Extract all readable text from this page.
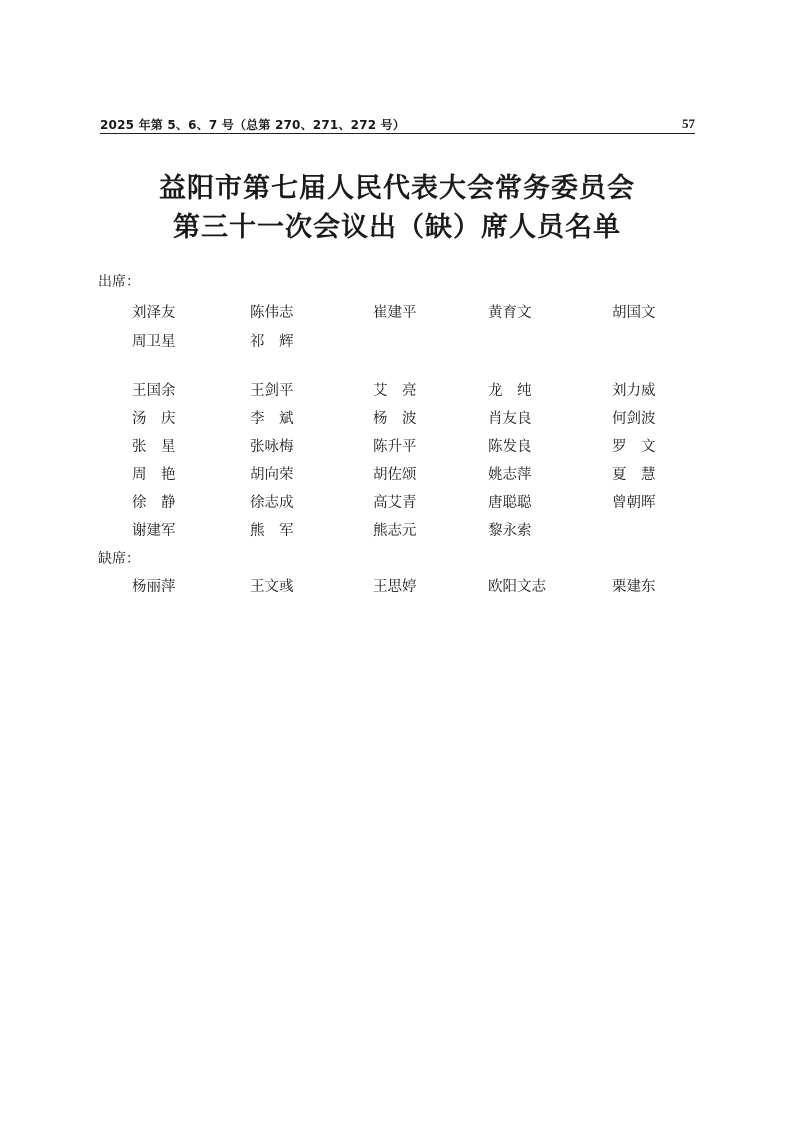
2025 年第 5、6、7 号（总第 270、271、272 号）	57
益阳市第七届人民代表大会常务委员会
第三十一次会议出（缺）席人员名单
出席：
刘泽友	陈伟志	崔建平	黄育文	胡国文
周卫星	祁　辉
王国余	王剑平	艾　亮	龙　纯	刘力威
汤　庆	李　斌	杨　波	肖友良	何剑波
张　星	张咏梅	陈升平	陈发良	罗　文
周　艳	胡向荣	胡佐颂	姚志萍	夏　慧
徐　静	徐志成	高艾青	唐聪聪	曾朝晖
谢建军	熊　军	熊志元	黎永索
杨丽萍	王文彧	王思婷	欧阳文志	栗建东
缺席：
